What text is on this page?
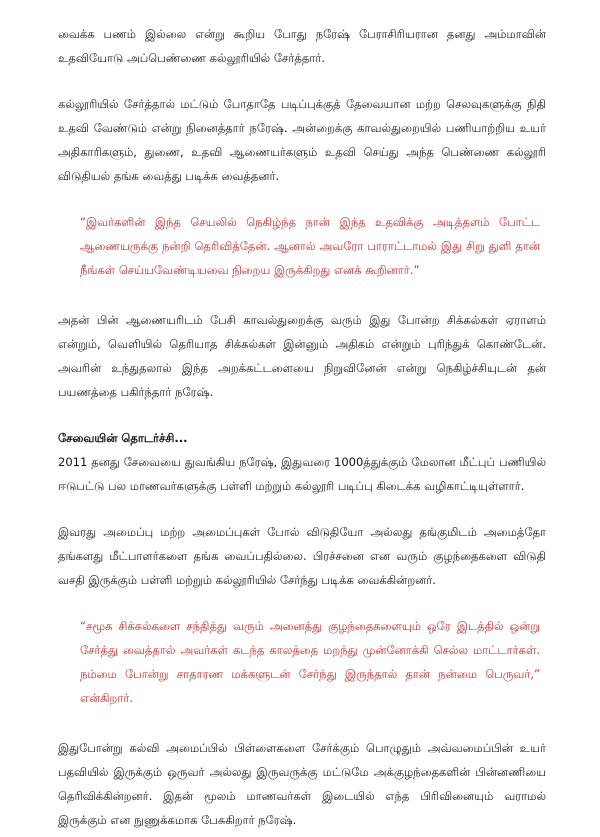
வைக்க பணம் இல்லை என்று கூறிய போது நரேஷ் பேராசிரியரான தனது அம்மாவின் உதவியோடு அப்பெண்ணை கல்லூரியில் சேர்த்தார்.

கல்லூரியில் சேர்த்தால் மட்டும் போதாதே படிப்புக்குத் தேவையான மற்ற செலவுகளுக்கு நிதி உதவி வேண்டும் என்று நினைத்தார் நரேஷ். அன்றைக்கு காவல்துறையில் பணியாற்றிய உயர் அதிகாரிகளும், துணை, உதவி ஆணையர்களும் உதவி செய்து அந்த பெண்ணை கல்லூரி விடுதியல் தங்க வைத்து படிக்க வைத்தனர்.

“இவர்களின் இந்த செயலில் நெகிழ்ந்த நான் இந்த உதவிக்கு அடித்தளம் போட்ட ஆணையருக்கு நன்றி தெரிவித்தேன். ஆனால் அவரோ பாராட்டாமல் இது சிறு துளி தான் நீங்கள் செய்யவேண்டியவை நிறைய இருக்கிறது எனக் கூறினார்.”

அதன் பின் ஆணையரிடம் பேசி காவல்துறைக்கு வரும் இது போன்ற சிக்கல்கள் ஏராளம் என்றும், வெளியில் தெரியாத சிக்கல்கள் இன்னும் அதிகம் என்றும் புரிந்துக் கொண்டேன். அவரின் உந்துதலால் இந்த அறக்கட்டளையை நிறுவினேன் என்று நெகிழ்ச்சியுடன் தன் பயணத்தை பகிர்ந்தார் நரேஷ்.

சேவையின் தொடர்ச்சி...

2011 தனது சேவையை துவங்கிய நரேஷ், இதுவரை 1000த்துக்கும் மேலான மீட்புப் பணியில் ஈடுபட்டு பல மாணவர்களுக்கு பள்ளி மற்றும் கல்லூரி படிப்பு கிடைக்க வழிகாட்டியுள்ளார்.

இவரது அமைப்பு மற்ற அமைப்புகள் போல் விடுதியோ அல்லது தங்குமிடம் அமைத்தோ தங்களது மீட்பாளர்களை தங்க வைப்பதில்லை. பிரச்சனை என வரும் குழந்தைகளை விடுதி வசதி இருக்கும் பள்ளி மற்றும் கல்லூரியில் சேர்ந்து படிக்க வைக்கின்றனர்.

“சமூக சிக்கல்களை சந்தித்து வரும் அனைத்து குழந்தைகளையும் ஒரே இடத்தில் ஒன்று சேர்த்து வைத்தால் அவர்கள் கடந்த காலத்தை மறந்து முன்னோக்கி செல்ல மாட்டார்கள். நம்மை போன்று சாதாரண மக்களுடன் சேர்ந்து இருந்தால் தான் நன்மை பெருவர்,” என்கிறார்.

இதுபோன்று கல்வி அமைப்பில் பிள்ளைகளை சேர்க்கும் பொழுதும் அவ்வமைப்பின் உயர் பதவியில் இருக்கும் ஒருவர் அல்லது இருவருக்கு மட்டுமே அக்குழந்தைகளின் பின்னணியை தெரிவிக்கின்றனர். இதன் மூலம் மாணவர்கள் இடையில் எந்த பிரிவினையும் வராமல் இருக்கும் என நுணுக்கமாக பேசுகிறார் நரேஷ்.
